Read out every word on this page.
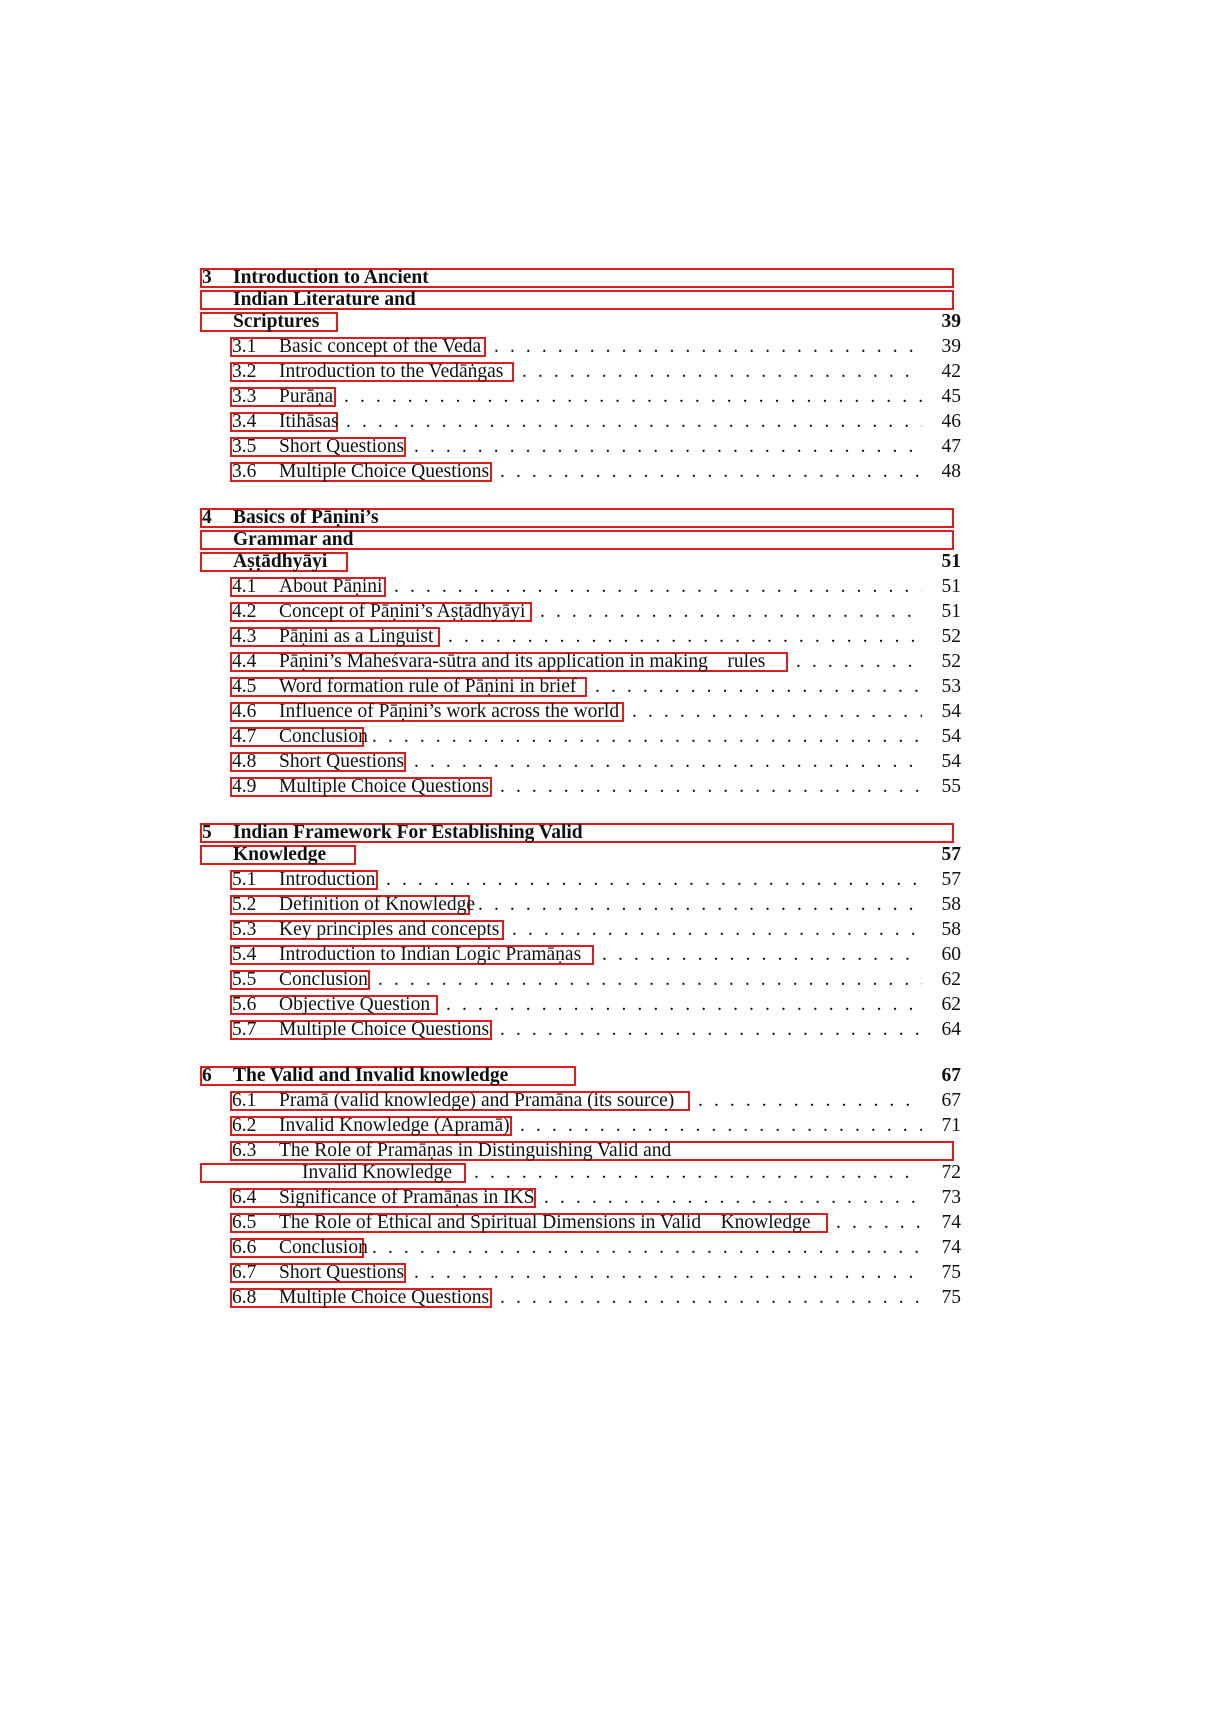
3 Introduction to Ancient
Indian Literature and
Scriptures	39
3.1 Basic concept of the Veda . . .	39
3.2 Introduction to the Vedāṅgas . . .	42
3.3 Purāṇa . . .	45
3.4 Itihāsas . . .	46
3.5 Short Questions . . .	47
3.6 Multiple Choice Questions . . .	48
4 Basics of Pāṇini’s
Grammar and
Aṣṭādhyāyi	51
4.1 About Pāṇini . . .	51
4.2 Concept of Pāṇini’s Aṣṭādhyāyi . . .	51
4.3 Pāṇini as a Linguist . . .	52
4.4 Pāṇini’s Maheśvara-sūtra and its application in making    rules . . .	52
4.5 Word formation rule of Pāṇini in brief . . .	53
4.6 Influence of Pāṇini’s work across the world . . .	54
4.7 Conclusion . . .	54
4.8 Short Questions . . .	54
4.9 Multiple Choice Questions . . .	55
5 Indian Framework For Establishing Valid
Knowledge	57
5.1 Introduction . . .	57
5.2 Definition of Knowledge . . .	58
5.3 Key principles and concepts . . .	58
5.4 Introduction to Indian Logic Pramāṇas . . .	60
5.5 Conclusion . . .	62
5.6 Objective Question . . .	62
5.7 Multiple Choice Questions . . .	64
6 The Valid and Invalid knowledge	67
6.1 Pramā (valid knowledge) and Pramāna (its source) . . .	67
6.2 Invalid Knowledge (Apramā) . . .	71
6.3 The Role of Pramāṇas in Distinguishing Valid and
Invalid Knowledge . . .	72
6.4 Significance of Pramāṇas in IKS . . .	73
6.5 The Role of Ethical and Spiritual Dimensions in Valid    Knowledge . . .	74
6.6 Conclusion . . .	74
6.7 Short Questions . . .	75
6.8 Multiple Choice Questions . . .	75
